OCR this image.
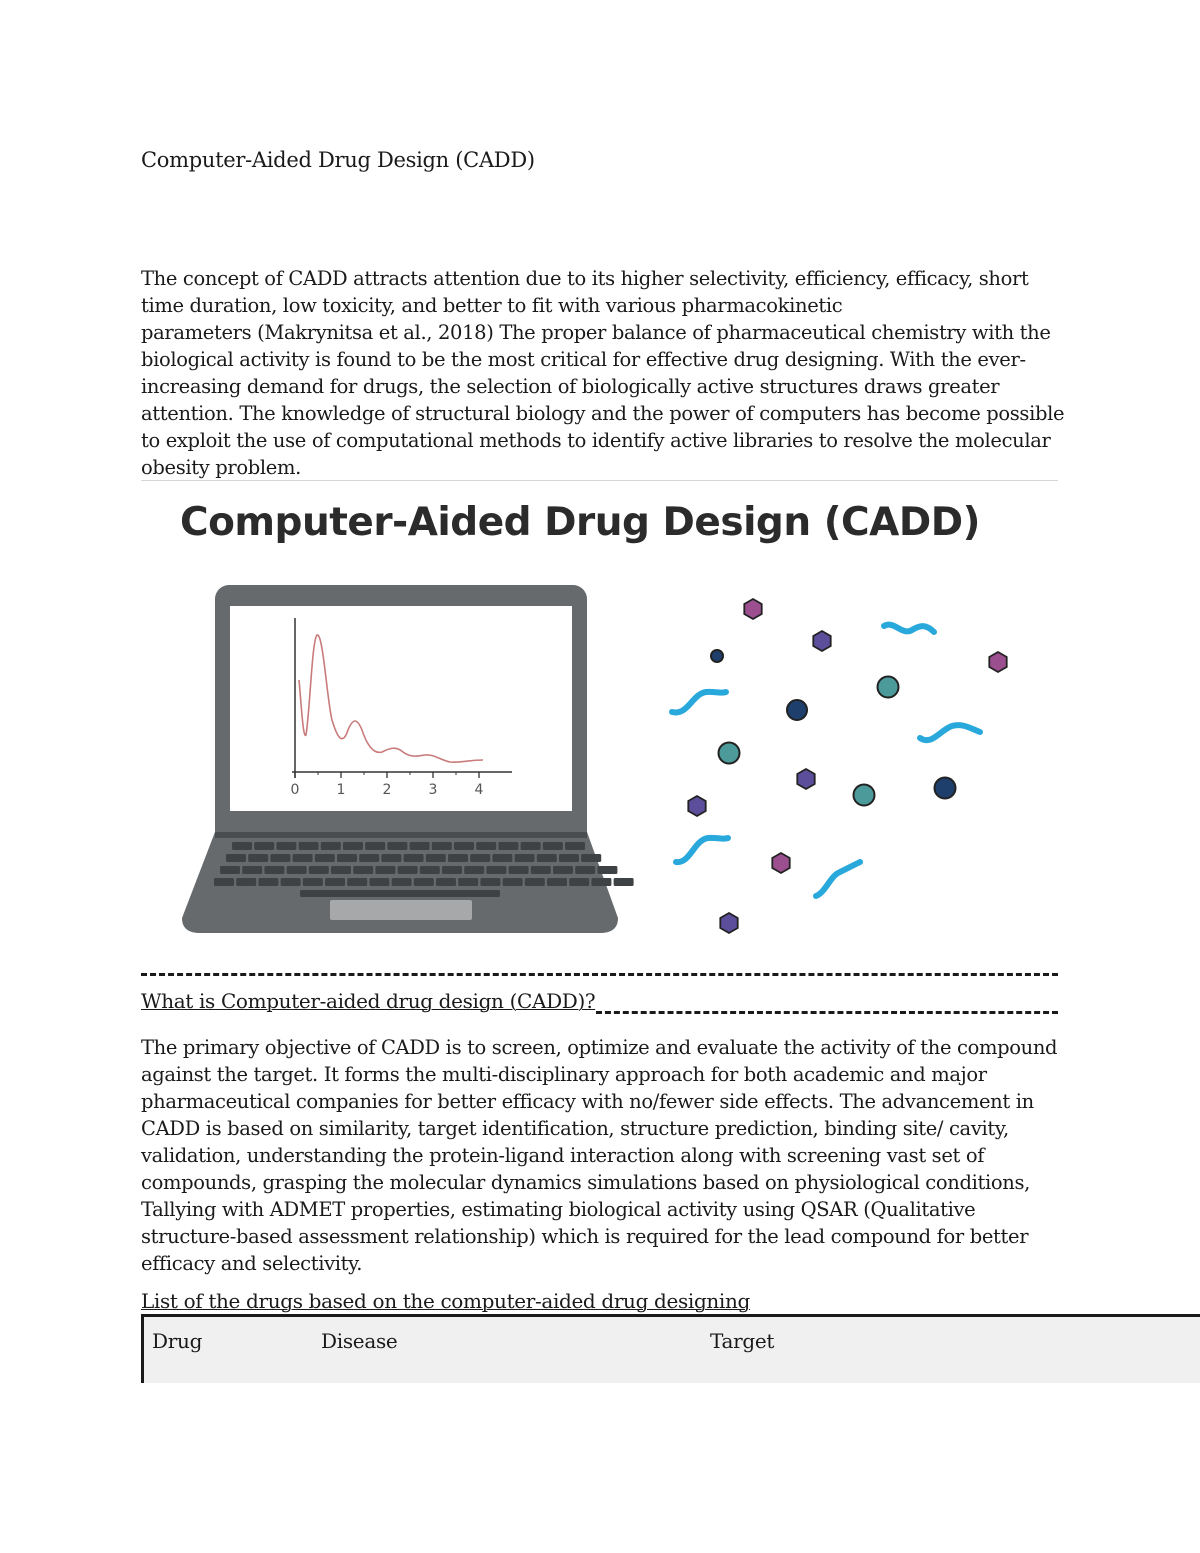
Computer-Aided Drug Design (CADD)
The concept of CADD attracts attention due to its higher selectivity, efficiency, efficacy, short
time duration, low toxicity, and better to fit with various pharmacokinetic
parameters (Makrynitsa et al., 2018) The proper balance of pharmaceutical chemistry with the
biological activity is found to be the most critical for effective drug designing. With the ever-
increasing demand for drugs, the selection of biologically active structures draws greater
attention. The knowledge of structural biology and the power of computers has become possible
to exploit the use of computational methods to identify active libraries to resolve the molecular
obesity problem.
Computer-Aided Drug Design (CADD)
0	1	2	3	4
What is Computer-aided drug design (CADD)?
The primary objective of CADD is to screen, optimize and evaluate the activity of the compound
against the target. It forms the multi-disciplinary approach for both academic and major
pharmaceutical companies for better efficacy with no/fewer side effects. The advancement in
CADD is based on similarity, target identification, structure prediction, binding site/ cavity,
validation, understanding the protein-ligand interaction along with screening vast set of
compounds, grasping the molecular dynamics simulations based on physiological conditions,
Tallying with ADMET properties, estimating biological activity using QSAR (Qualitative
structure-based assessment relationship) which is required for the lead compound for better
efficacy and selectivity.
List of the drugs based on the computer-aided drug designing
Drug	Disease	Target
